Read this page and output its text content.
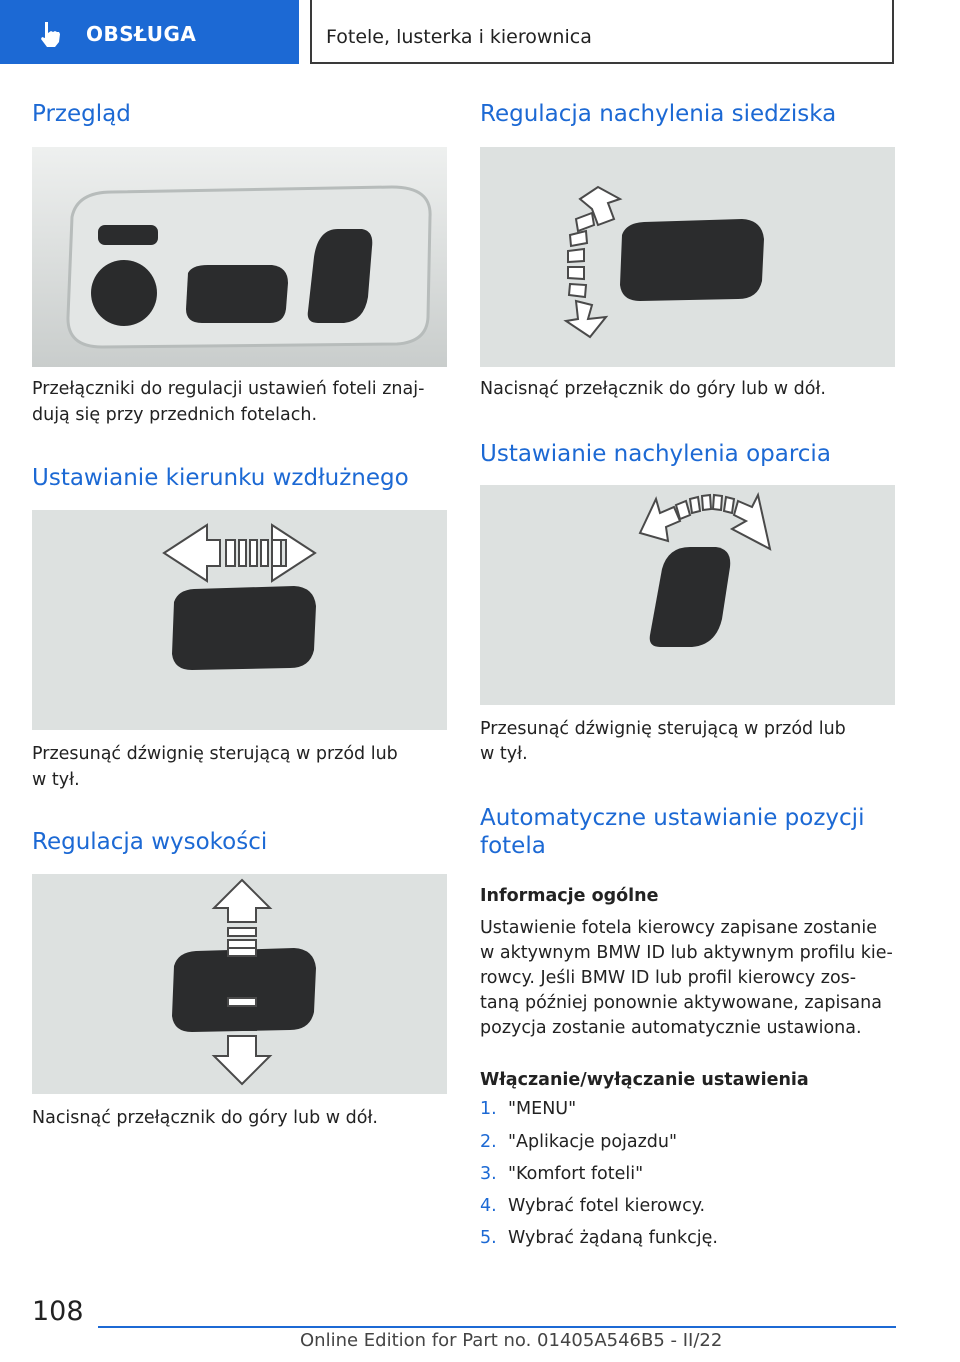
OBSŁUGA	Fotele, lusterka i kierownica
Przegląd

Przełączniki do regulacji ustawień foteli znaj-

dują się przy przednich fotelach.

Ustawianie kierunku wzdłużnego

Przesunąć dźwignię sterującą w przód lub

w tył.

Regulacja wysokości

Nacisnąć przełącznik do góry lub w dół.

Regulacja nachylenia siedziska

Nacisnąć przełącznik do góry lub w dół.

Ustawianie nachylenia oparcia

Przesunąć dźwignię sterującą w przód lub

w tył.

Automatyczne ustawianie pozycji
fotela

Informacje ogólne

Ustawienie fotela kierowcy zapisane zostanie

w aktywnym BMW ID lub aktywnym profilu kie-

rowcy. Jeśli BMW ID lub profil kierowcy zos-

taną później ponownie aktywowane, zapisana

pozycja zostanie automatycznie ustawiona.

Włączanie/wyłączanie ustawienia

1. "MENU"
2. "Aplikacje pojazdu"
3. "Komfort foteli"
4. Wybrać fotel kierowcy.
5. Wybrać żądaną funkcję.
108
Online Edition for Part no. 01405A546B5 - II/22
